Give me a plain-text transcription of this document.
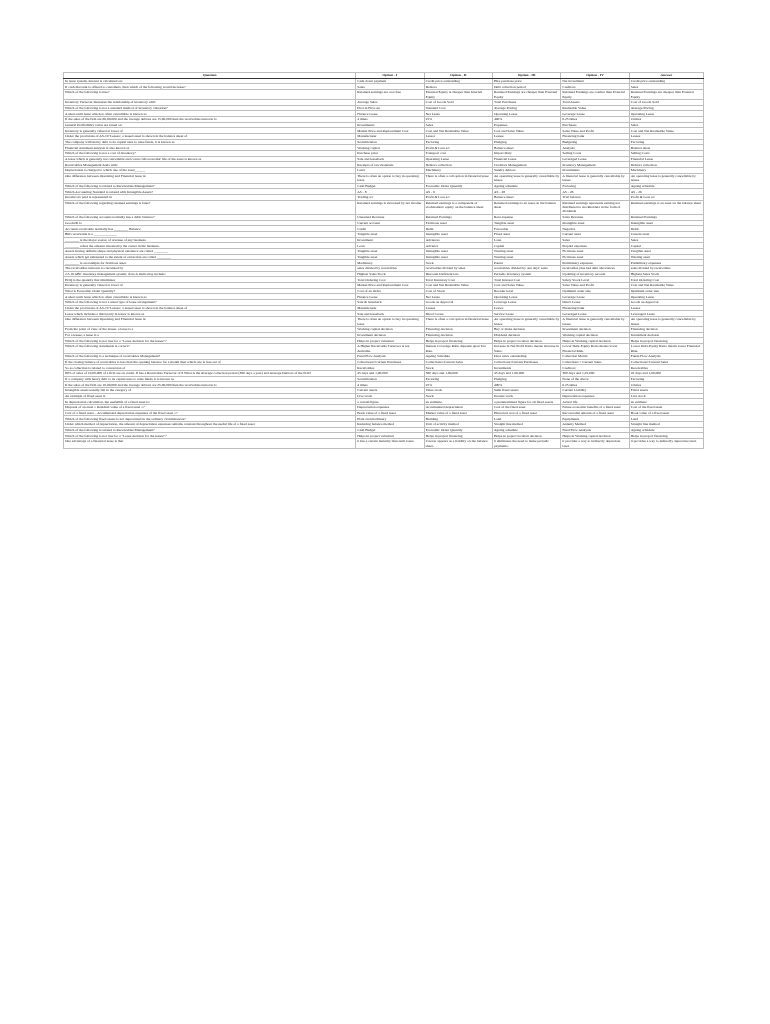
Question	Option - I	Option - II	Option - III	Option - IV	Answer
In lease system, interest is calculated on:	Cash down payment	Credit price outstanding	Hire purchase price	Net investment	Credit price outstanding
If cash discount is offered to customers, then which of the following would increase?	Sales	Debtors	Debt collection period	Creditors	Sales
Which of the following is true?	Retained earnings are cost free	External Equity is cheaper than Internal Equity	Retained Earnings are cheaper than External Equity	Retained Earnings are costlier than External Equity	Retained Earnings are cheaper than External Equity
Inventory Turnover measures the relationship of inventory with:	Average Sales	Cost of Goods Sold	Total Purchases	Total Assets	Cost of Goods Sold
Which of the following is not a standard method of inventory valuation?	First in First out	Standard Cost	Average Pricing	Realisable Value	Average Pricing
A short-term lease which is often cancellable is known as	Finance Lease	Net Lease	Operating Lease	Leverage Lease	Operating Lease
If the sales of the firm are 60,00,000 and the average debtors are 15,00,000 then the receivables turnover is	4 times	25%	400%	0.25 times	4 times
General Profitability ratios are based on	Investments	Sales	Expenses	Purchases	Sales
Inventory is generally valued at lower of	Market Price and Replacement Cost	Cost and Net Realisable Value	Cost and Sales Value	Sales Value and Profit	Cost and Net Realisable Value
Under the provisions of AS-19 'Leases', a leased asset is shown in the balance sheet of	Manufacturer	Lessor	Lessee	Financing bank	Lessee
The company with heavy debt to its capital uses to raise funds, it is known as	Securitization	Factoring	Pledging	Budgeting	Factoring
Financial statement analysis is also known as	Working capital	Profit & Loss a/c	Balance sheet	Analysis	Balance sheet
Which of the following is not a cost of inventory?	Purchase price	Transport cost	Import Duty	Selling Costs	Selling Costs
A lease which is generally not cancellable and covers full economic life of the asset is known as	Sale and leaseback	Operating Lease	Financial Lease	Leveraged Lease	Financial Lease
Receivables Management deals with:	Receipts of raw materials	Debtors collection	Creditors Management	Inventory Management	Debtors collection
Depreciation is charged to which one of the asset______	Land	Machinery	Sundry debtors	Investments	Machinery
One difference between Operating and Financial lease is:	There is often an option to buy in operating lease	There is often a call option in financial lease	An operating lease is generally cancellable by lessee	A financial lease is generally cancellable by lessee	An operating lease is generally cancellable by lessee
Which of the following is related to Receivables Management?	Cash Budget	Economic Order Quantity	Ageing schedule	Factoring	Ageing schedule
Which Accounting Standard is related with Intangible Assets?	AS - 8	AS - 6	AS - 28	AS - 26	AS - 26
Income tax paid is represented in	Trading a/c	Profit & Loss a/c	Balance sheet	Trial balance	Profit & Loss a/c
Which of the following regarding retained earnings is false?	Retained earnings is increased by net income	Retained earnings is a component of stockholders' equity on the balance sheet	Retained earnings is an asset on the balance sheet	Retained earnings represents earning not distributed to stockholders in the form of dividends	Retained earnings is an asset on the balance sheet
Which of the following accounts normally has a debit balance?	Unearned Revenue	Retained Earnings	Rent expense	Sales Revenue	Retained Earnings
Goodwill is	Current account	Fictitious asset	Tangible asset	Intangible asset	Intangible asset
Accounts receivable normally has ________ Balance	Credit	Debit	Favorable	Negative	Debit
Bills receivable is a _____________	Tangible asset	Intangible asset	Fixed asset	Current asset	Current asset
________ is the major source of revenue of any business.	Investment	Advances	Loan	Sales	Sales
________ refers the amount invested by the owner in the business.	Loan	Advance	Capital	Prepaid expenses	Capital
Assets having definite shape and physical existence are called ________	Tangible asset	Intangible asset	Wasting asset	Fictitious asset	Tangible asset
Assets which get exhausted to the extent of extraction are called ________	Tangible asset	Intangible asset	Wasting asset	Fictitious asset	Wasting asset
________ is an example for fictitious asset.	Machinery	Stock	Patent	Preliminary expenses	Preliminary expenses
The receivables turnover is calculated by	sales divided by receivables	receivables divided by sales	receivables divided by one days' sales	receivables plus bad debt allowances	sales divided by receivables
2.5.16 ABC inventory management system, class A items may include:	Highest Sales Stock	Discount Deficient lots	Periodic inventory system	Updating of inventory records	Highest Sales Stock
EOQ is the quantity that minimizes	Total Ordering Cost	Total Inventory Cost	Total Interest Cost	Safety Stock Level	Total Ordering Cost
Inventory is generally valued at lower of	Market Price and Replacement Cost	Cost and Net Realisable Value	Cost and Sales Value	Sales Value and Profit	Cost and Net Realisable Value
What is Economic Order Quantity?	Cost of an Order	Cost of Stock	Reorder level	Optimum order size	Optimum order size
A short-term lease which is often cancellable is known as	Finance Lease	Net Lease	Operating Lease	Leverage Lease	Operating Lease
Which of the following is not a usual type of lease arrangement?	Sale & leaseback	Goods on Approval	Leverage Lease	Direct Lease	Goods on Approval
Under the provisions of AS-19 'Leases', a leased asset is shown in the balance sheet of	Manufacturer	Lessee	Lessor	Financing bank	Lessee
Lease which includes a third party in lessor is known as	Sale and leaseback	Direct Lease	Service Lease	Leveraged Lease	Leveraged Lease
One difference between Operating and Financial lease is:	There is often an option to buy in operating lease	There is often a call option in financial lease	An operating lease is generally cancellable by lessee	A financial lease is generally cancellable by lessee	An operating lease is generally cancellable by lessee
From the point of view of the lessee, a lease is a	Working capital decision	Financing decision	Buy or make decision	Investment decision	Financing decision
For a lessee, a lease is a	Investment decision	Financing decision	Dividend decision	Working capital decision	Investment decision
Which of the following is not true for a "Lease decision for the lessee"?	Helps in project valuation	Helps in project financing	Helps in project location decision	Helps in Working capital decision	Helps in project financing
Which of the following statements is correct?	A Higher Receivable Turnover is not desirable.	Interest Coverage Ratio depends upon Tax Rate.	Increase in Net Profit Ratio means increase in Sales.	Lower Debt-Equity Ratio means lower Financial Risk.	Lower Debt-Equity Ratio means lower Financial Risk.
Which of the following is a technique of receivables Management?	Fund Flow Analysis	Ageing Schedule	Days sales outstanding	Collection Matrix	Funds Flow Analysis
If the closing balance of receivables is less than the opening balance for a month then which one is true out of	Collections>Current Purchases	Collections=Current Sales	Collections<Current Purchases	Collections < Current Sales	Collections>Current Sales
So as collection is related to conversion of	Receivables	Stock	Investments	Creditors	Receivables
80% of sales of 10,00,000 of a firm are on credit. If has a Receivable Turnover of 8 What is the Average collection period (360 days a year) and Average Debtors of the firm?	45 days and 1,00,000	360 days and 1,00,000	45 days and 1,00,000	360 days and 1,25,000	45 days and 1,00,000
If a company with heavy debt to its capital uses to raise funds, it is known as	Securitization	Factoring	Pledging	None of the above	Factoring
If the sales of the firm are 10,00,000 and the average debtors are 25,00,000 then the receivables turnover is	4 times	25%	400%	0.25 times	4 times
Intangible assets usually fall in the category of	Current assets	Value stock	Semi fixed assets	Current Liability	Fixed assets
An example of fixed asset is	Live stock	Stock	Income stock	Depreciation expenses	Live stock
In depreciation calculation, the usefullife of a fixed asset is:	a certain figure	an estimate	a predetermined figure for all fixed assets	Actual life	an estimate
Disposal of an asset = Residual value of a fixed asset =?	Depreciation expenses	Accumulated depreciation	Cost of the fixed asset	Future economic benefits of a fixed asset	Cost of the fixed asset
Cost of a fixed asset – Accumulated depreciation expenses of the fixed asset =?	Book value of a fixed asset	Market value of a fixed asset	Historical cost of a fixed asset	Recoverable amount of a fixed asset	Book value of a fixed asset
Which of the following fixed assets is not depreciated in the ordinary circumstances?	Plant and machinery	Building	Land	Equipments	Land
Under which method of depreciation, the amount of depreciation expenses remains constant throughout the useful life of a fixed asset	Reducing balance method	Unit of activity method	Straight line method	Annuity Method	Straight line method
Which of the following is related to Receivables Management?	Cash Budget	Economic Order Quantity	Ageing schedule	Fund Flow Analysis	Ageing schedule
Which of the following is not true for a "Lease decision for the lessee"?	Helps in project valuation	Helps in project financing	Helps in project location decision	Helps in Working capital decision	Helps in project financing
One advantage of a financial lease is that	it has a certain maturity than term loans.	it never appears as a liability on the balance sheet.	it eliminates the need to make periodic payments.	it provides a way to indirectly depreciate land.	it provides a way to indirectly depreciate land.
